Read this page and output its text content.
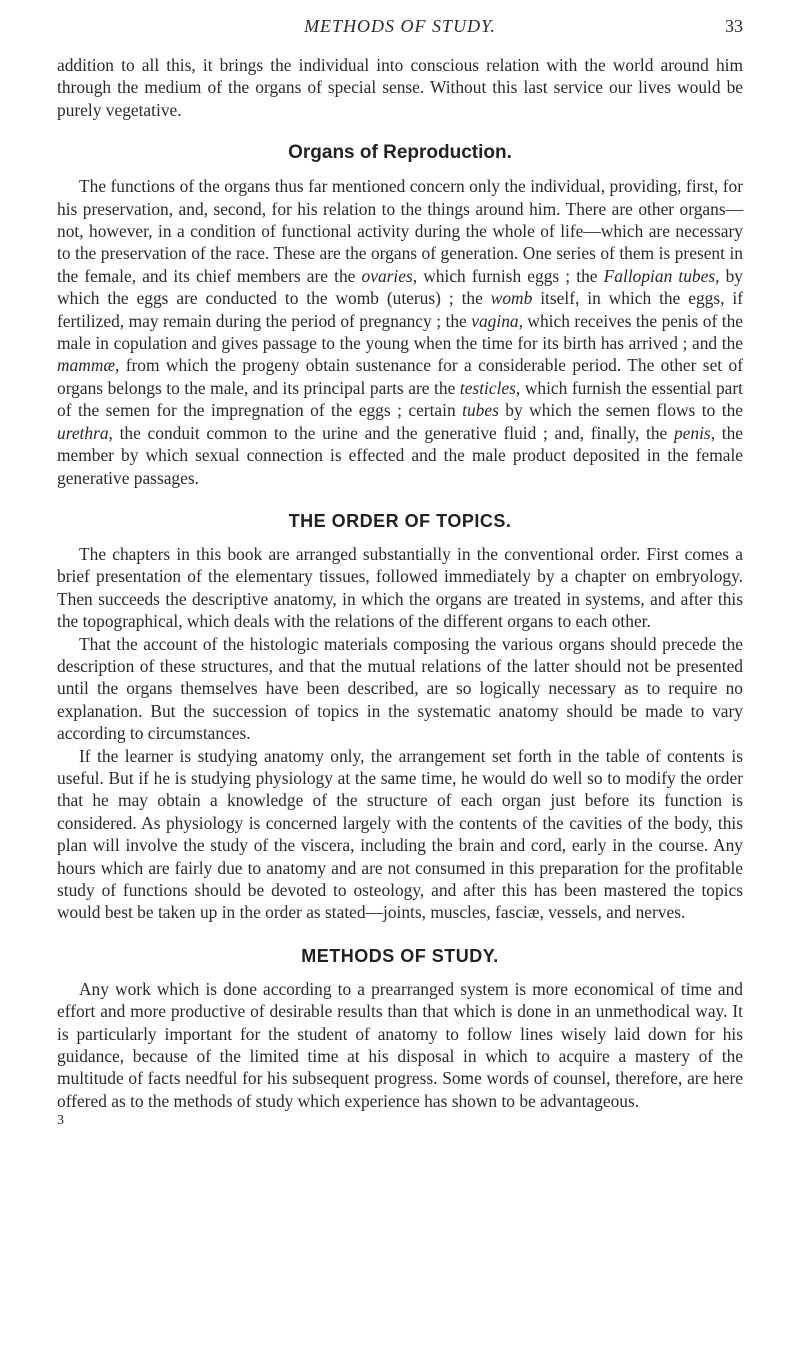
METHODS OF STUDY.	33

addition to all this, it brings the individual into conscious relation with the world around him through the medium of the organs of special sense. Without this last service our lives would be purely vegetative.

Organs of Reproduction.

The functions of the organs thus far mentioned concern only the individual, providing, first, for his preservation, and, second, for his relation to the things around him. There are other organs—not, however, in a condition of functional activity during the whole of life—which are necessary to the preservation of the race. These are the organs of generation. One series of them is present in the female, and its chief members are the ovaries, which furnish eggs ; the Fallopian tubes, by which the eggs are conducted to the womb (uterus) ; the womb itself, in which the eggs, if fertilized, may remain during the period of pregnancy ; the vagina, which receives the penis of the male in copulation and gives passage to the young when the time for its birth has arrived ; and the mammæ, from which the progeny obtain sustenance for a considerable period. The other set of organs belongs to the male, and its principal parts are the testicles, which furnish the essential part of the semen for the impregnation of the eggs ; certain tubes by which the semen flows to the urethra, the conduit common to the urine and the generative fluid ; and, finally, the penis, the member by which sexual connection is effected and the male product deposited in the female generative passages.

THE ORDER OF TOPICS.

The chapters in this book are arranged substantially in the conventional order. First comes a brief presentation of the elementary tissues, followed immediately by a chapter on embryology. Then succeeds the descriptive anatomy, in which the organs are treated in systems, and after this the topographical, which deals with the relations of the different organs to each other.

That the account of the histologic materials composing the various organs should precede the description of these structures, and that the mutual relations of the latter should not be presented until the organs themselves have been described, are so logically necessary as to require no explanation. But the succession of topics in the systematic anatomy should be made to vary according to circumstances.

If the learner is studying anatomy only, the arrangement set forth in the table of contents is useful. But if he is studying physiology at the same time, he would do well so to modify the order that he may obtain a knowledge of the structure of each organ just before its function is considered. As physiology is concerned largely with the contents of the cavities of the body, this plan will involve the study of the viscera, including the brain and cord, early in the course. Any hours which are fairly due to anatomy and are not consumed in this preparation for the profitable study of functions should be devoted to osteology, and after this has been mastered the topics would best be taken up in the order as stated—joints, muscles, fasciæ, vessels, and nerves.

METHODS OF STUDY.

Any work which is done according to a prearranged system is more economical of time and effort and more productive of desirable results than that which is done in an unmethodical way. It is particularly important for the student of anatomy to follow lines wisely laid down for his guidance, because of the limited time at his disposal in which to acquire a mastery of the multitude of facts needful for his subsequent progress. Some words of counsel, therefore, are here offered as to the methods of study which experience has shown to be advantageous.

3
